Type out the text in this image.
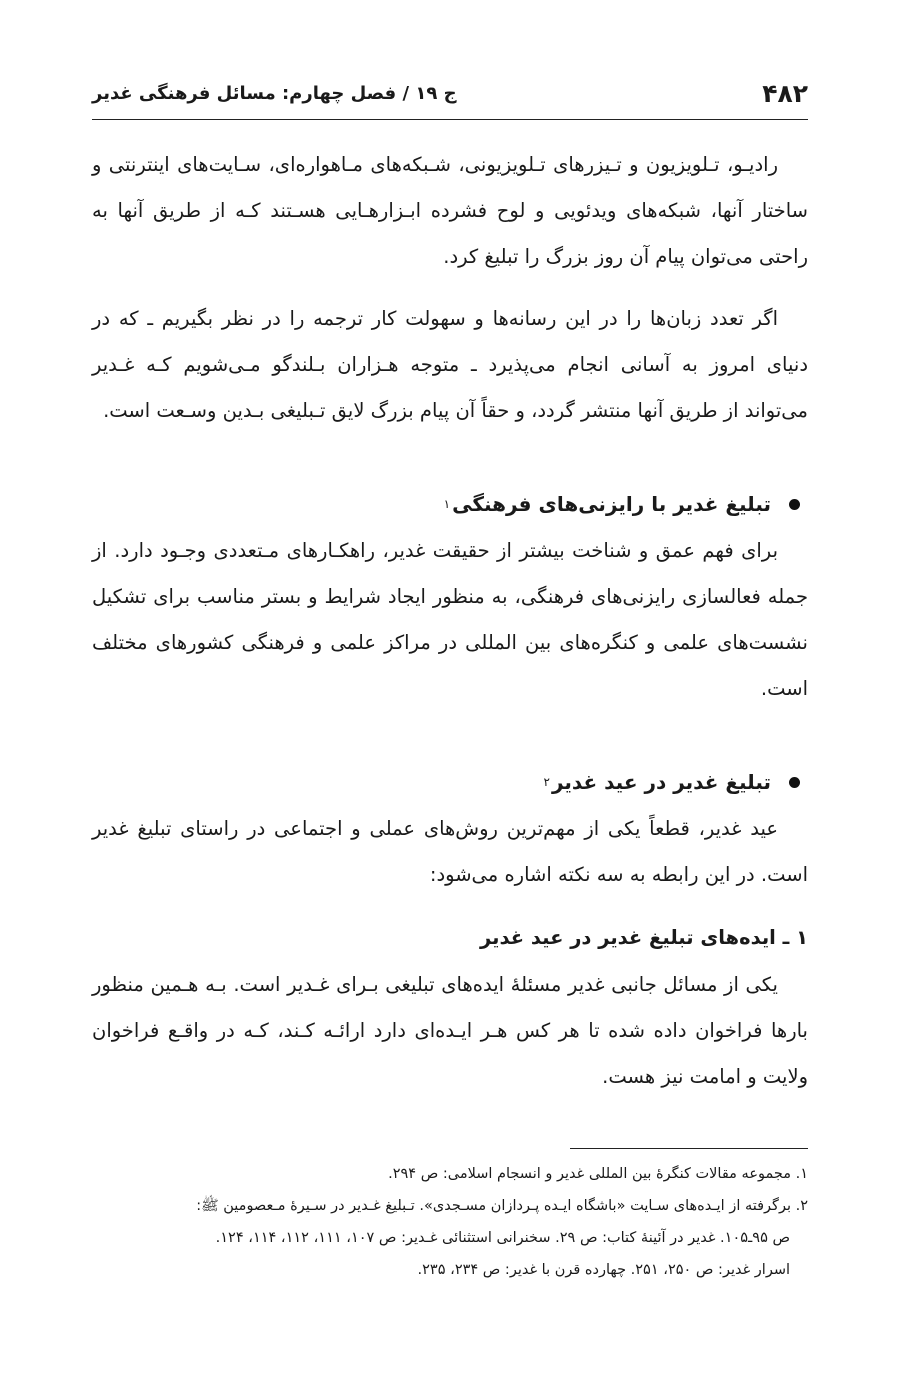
۴۸۲
ج ۱۹ / فصل چهارم: مسائل فرهنگی غدیر

رادیـو، تـلویزیون و تـیزرهای تـلویزیونی، شـبکه‌های مـاهواره‌ای، سـایت‌های اینترنتی و ساختار آنها، شبکه‌های ویدئویی و لوح فشرده ابـزارهـایی هسـتند کـه از طریق آنها به راحتی می‌توان پیام آن روز بزرگ را تبلیغ کرد.

اگر تعدد زبان‌ها را در این رسانه‌ها و سهولت کار ترجمه را در نظر بگیریم ـ که در دنیای امروز به آسانی انجام می‌پذیرد ـ متوجه هـزاران بـلندگو مـی‌شویم کـه غـدیر می‌تواند از طریق آنها منتشر گردد، و حقاً آن پیام بزرگ لایق تـبلیغی بـدین وسـعت است.

تبلیغ غدیر با رایزنی‌های فرهنگی
۱

برای فهم عمق و شناخت بیشتر از حقیقت غدیر، راهکـارهای مـتعددی وجـود دارد. از جمله فعالسازی رایزنی‌های فرهنگی، به منظور ایجاد شرایط و بستر مناسب برای تشکیل نشست‌های علمی و کنگره‌های بین المللی در مراکز علمی و فرهنگی کشورهای مختلف است.

تبلیغ غدیر در عید غدیر
۲

عید غدیر، قطعاً یکی از مهم‌ترین روش‌های عملی و اجتماعی در راستای تبلیغ غدیر است. در این رابطه به سه نکته اشاره می‌شود:

۱ ـ ایده‌های تبلیغ غدیر در عید غدیر

یکی از مسائل جانبی غدیر مسئلۀ ایده‌های تبلیغی بـرای غـدیر است. بـه هـمین منظور بارها فراخوان داده شده تا هر کس هـر ایـده‌ای دارد ارائـه کـند، کـه در واقـع فراخوان ولایت و امامت نیز هست.

۱. مجموعه مقالات کنگرۀ بین المللی غدیر و انسجام اسلامی: ص ۲۹۴.
۲. برگرفته از ایـده‌های سـایت «باشگاه ایـده پـردازان مسـجدی». تـبلیغ غـدیر در سـیرۀ مـعصومین ﷺ:
ص ۹۵ـ۱۰۵. غدیر در آئینۀ کتاب: ص ۲۹. سخنرانی استثنائی غـدیر: ص ۱۰۷، ۱۱۱، ۱۱۲، ۱۱۴، ۱۲۴.
اسرار غدیر: ص ۲۵۰، ۲۵۱. چهارده قرن با غدیر: ص ۲۳۴، ۲۳۵.
